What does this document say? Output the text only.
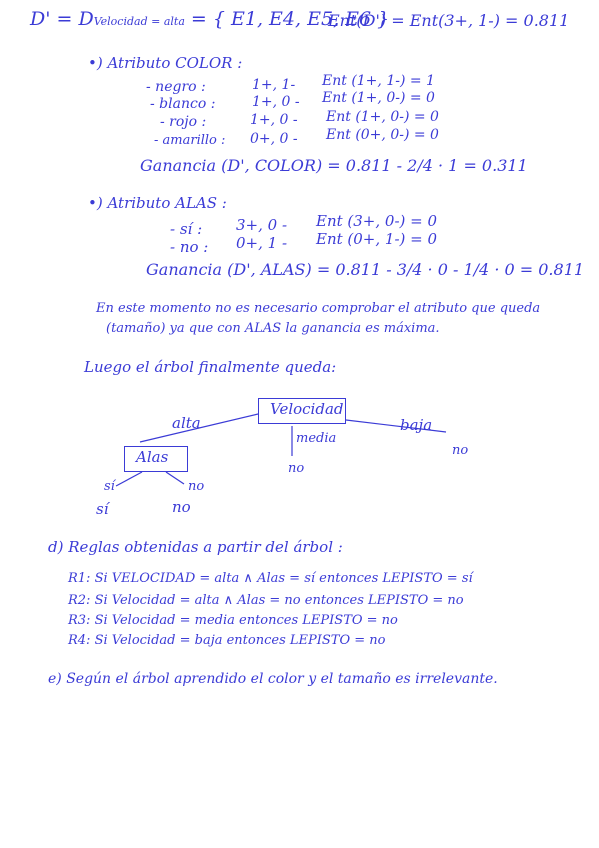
D' = DVelocidad = alta = { E1, E4, E5, E6 }
Ent(D') = Ent(3+, 1-) = 0.811
•) Atributo COLOR :
- negro :	1+, 1- Ent (1+, 1-) = 1
- blanco :	1+, 0 - Ent (1+, 0-) = 0
- rojo :	1+, 0 - Ent (1+, 0-) = 0
- amarillo : 0+, 0 - Ent (0+, 0-) = 0
Ganancia (D', COLOR) = 0.811 - 2/4 · 1 = 0.311
•) Atributo ALAS :
- sí : 3+, 0 - Ent (3+, 0-) = 0
- no : 0+, 1 - Ent (0+, 1-) = 0
Ganancia (D', ALAS) = 0.811 - 3/4 · 0 - 1/4 · 0 = 0.811
En este momento no es necesario comprobar el atributo que queda
(tamaño) ya que con ALAS la ganancia es máxima.
Luego el árbol finalmente queda:
Velocidad
alta
media
baja
no
no
Alas
sí	no
sí	no
d) Reglas obtenidas a partir del árbol :
R1: Si VELOCIDAD = alta ∧ Alas = sí entonces LEPISTO = sí
R2: Si Velocidad = alta ∧ Alas = no entonces LEPISTO = no
R3: Si Velocidad = media entonces LEPISTO = no
R4: Si Velocidad = baja entonces LEPISTO = no
e) Según el árbol aprendido el color y el tamaño es irrelevante.
